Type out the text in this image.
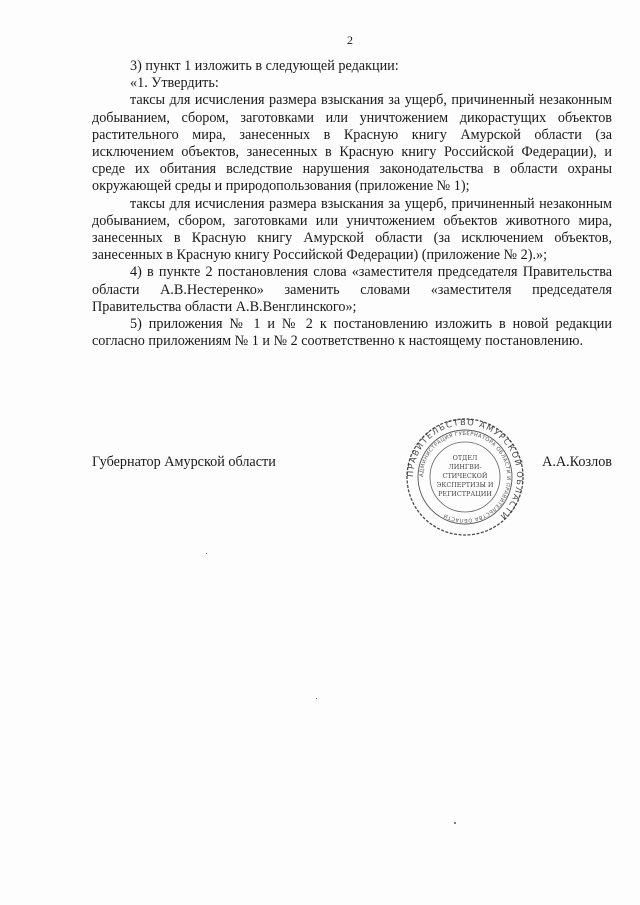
2

3) пункт 1 изложить в следующей редакции:

«1. Утвердить:

таксы для исчисления размера взыскания за ущерб, причиненный незаконным добыванием, сбором, заготовками или уничтожением дикорастущих объектов растительного мира, занесенных в Красную книгу Амурской области (за исключением объектов, занесенных в Красную книгу Российской Федерации), и среде их обитания вследствие нарушения законодательства в области охраны окружающей среды и природопользования (приложение № 1);

таксы для исчисления размера взыскания за ущерб, причиненный незаконным добыванием, сбором, заготовками или уничтожением объектов животного мира, занесенных в Красную книгу Амурской области (за исключением объектов, занесенных в Красную книгу Российской Федерации) (приложение № 2).»;

4) в пункте 2 постановления слова «заместителя председателя Правительства области А.В.Нестеренко» заменить словами «заместителя председателя Правительства области А.В.Венглинского»;

5) приложения № 1 и № 2 к постановлению изложить в новой редакции согласно приложениям № 1 и № 2 соответственно к настоящему постановлению.

Губернатор Амурской области	А.А.Козлов
ПРАВИТЕЛЬСТВО АМУРСКОЙ ОБЛАСТИ
АДМИНИСТРАЦИЯ ГУБЕРНАТОРА ОБЛАСТИ И ПРАВИТЕЛЬСТВА ОБЛАСТИ
ОТДЕЛ
ЛИНГВИ-
СТИЧЕСКОЙ
ЭКСПЕРТИЗЫ И
РЕГИСТРАЦИИ
